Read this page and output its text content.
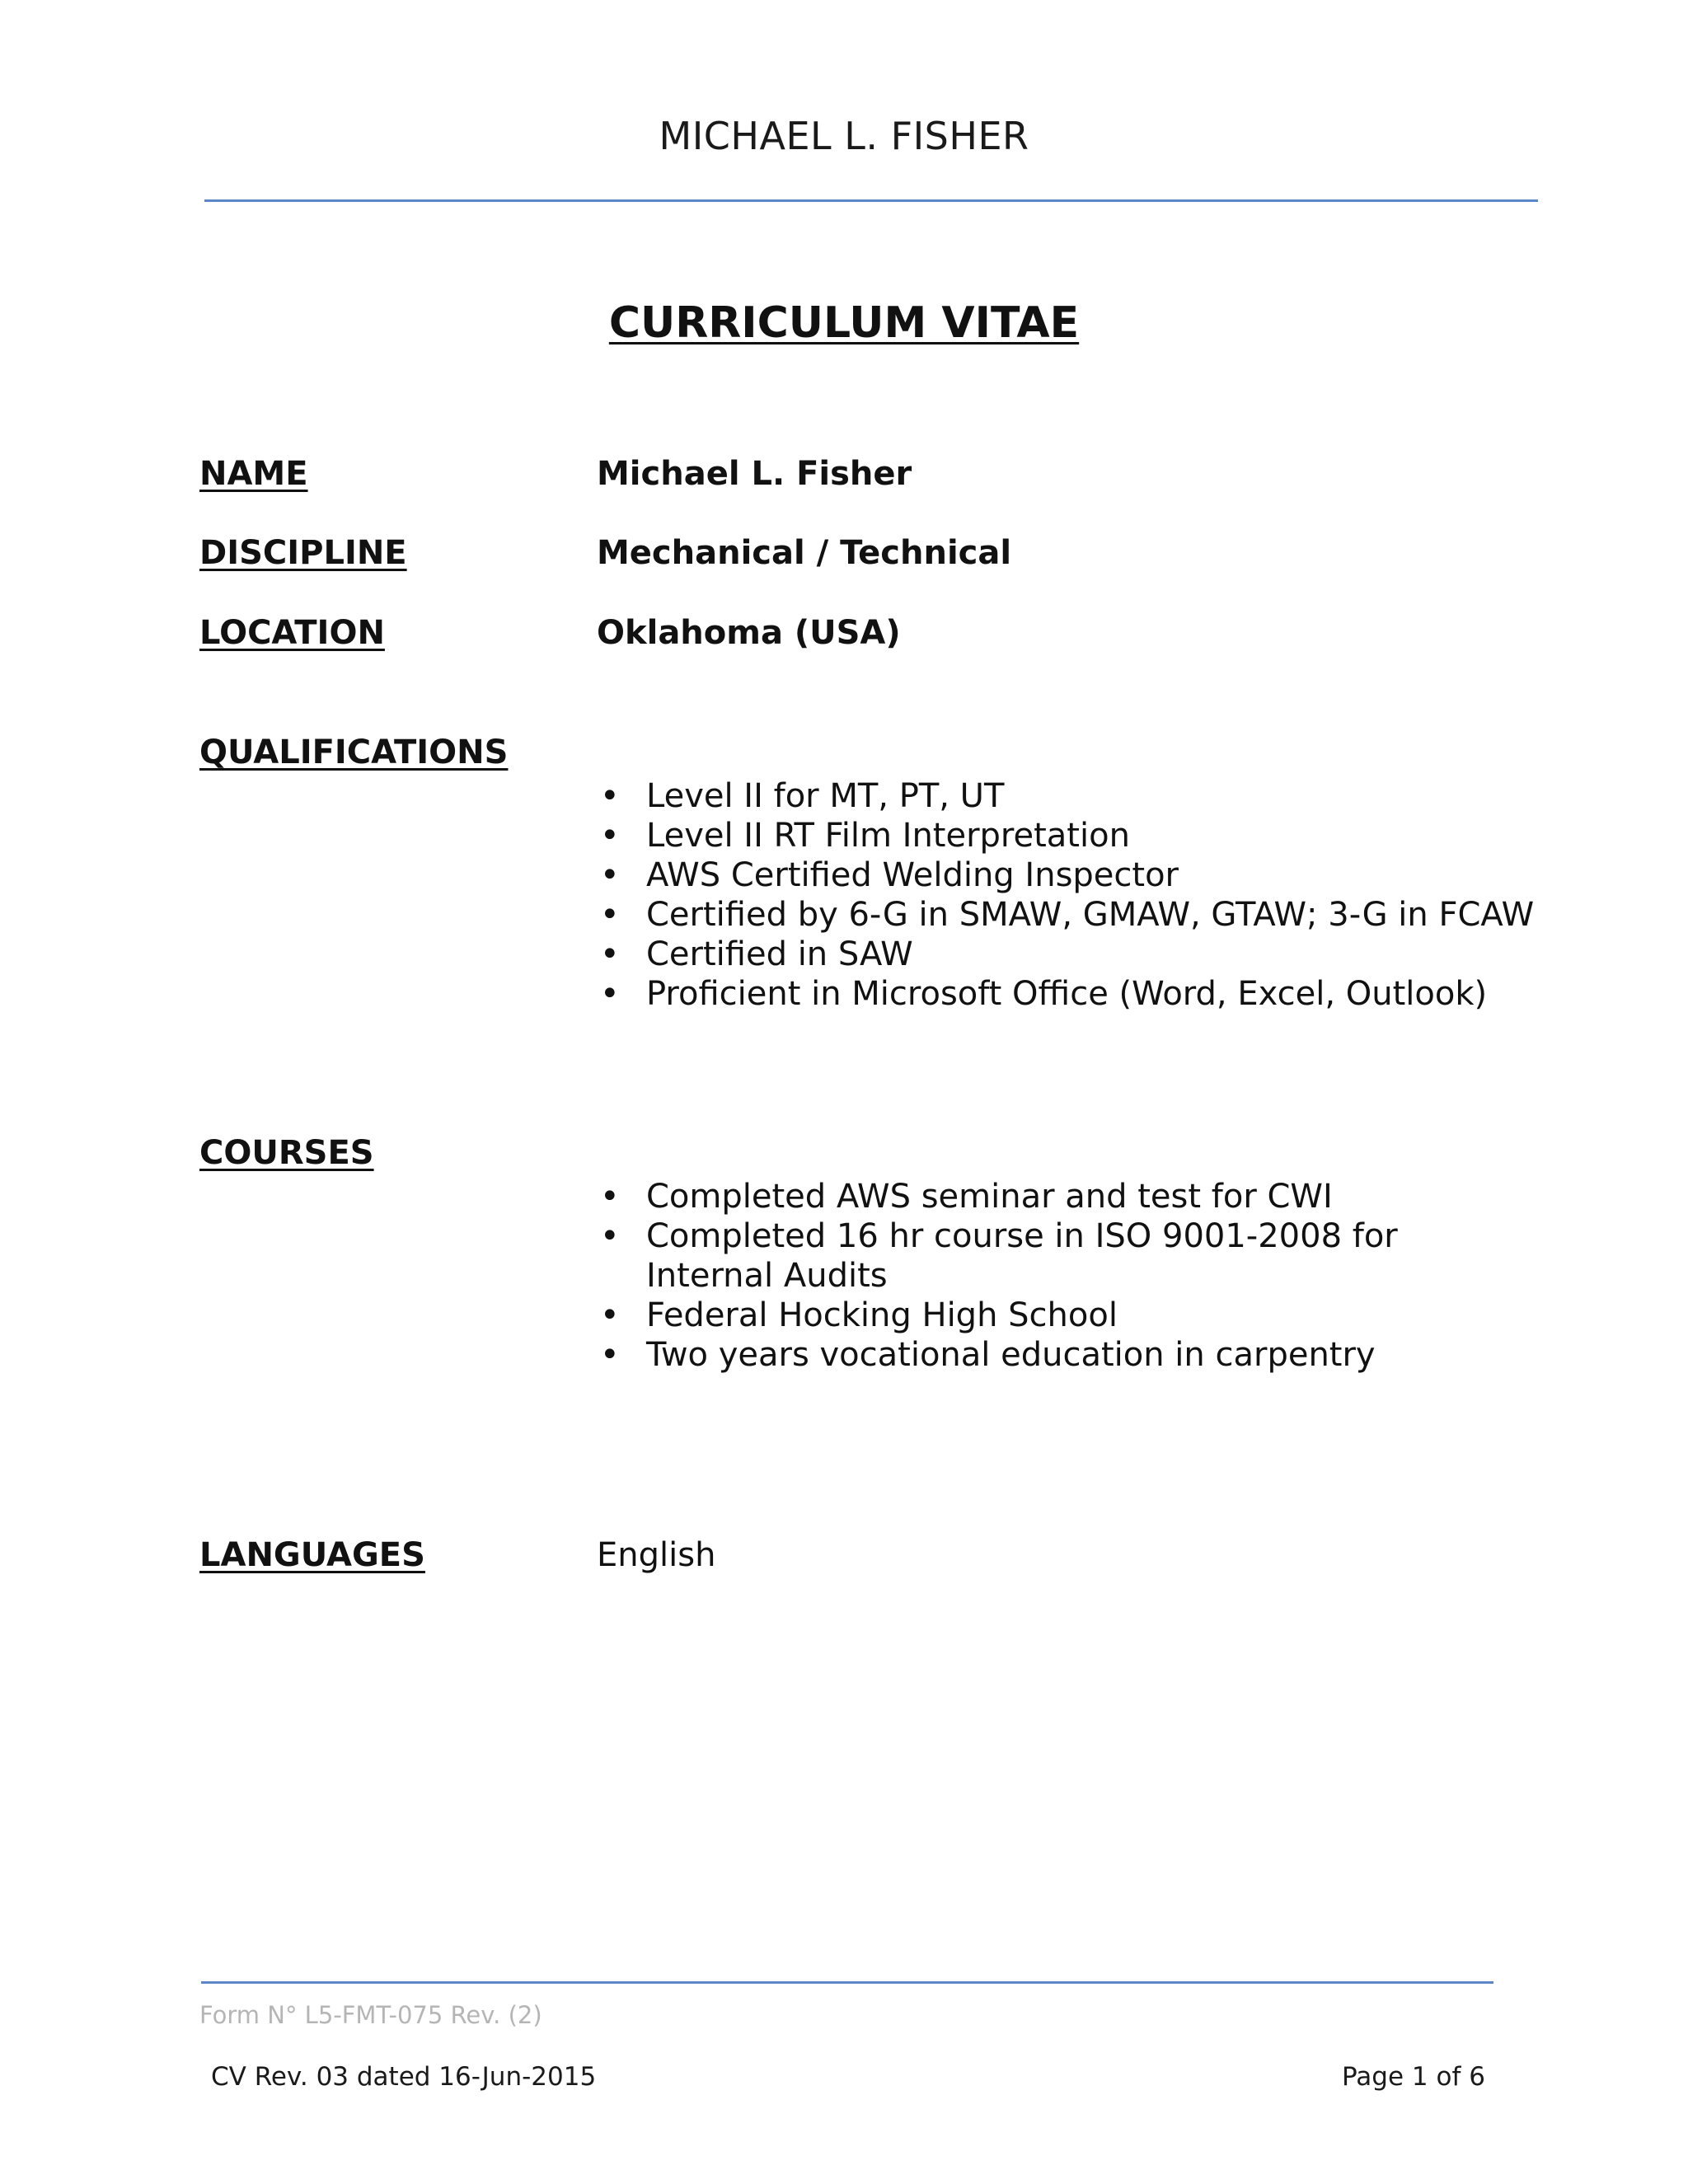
MICHAEL L. FISHER
CURRICULUM VITAE
NAME	Michael L. Fisher
DISCIPLINE	Mechanical / Technical
LOCATION	Oklahoma (USA)
QUALIFICATIONS
• Level II for MT, PT, UT
• Level II RT Film Interpretation
• AWS Certified Welding Inspector
• Certified by 6-G in SMAW, GMAW, GTAW; 3-G in FCAW
• Certified in SAW
• Proficient in Microsoft Office (Word, Excel, Outlook)
COURSES
• Completed AWS seminar and test for CWI
• Completed 16 hr course in ISO 9001-2008 for Internal Audits
• Federal Hocking High School
• Two years vocational education in carpentry
LANGUAGES	English
Form N° L5-FMT-075 Rev. (2)
CV Rev. 03 dated 16-Jun-2015	Page 1 of 6
